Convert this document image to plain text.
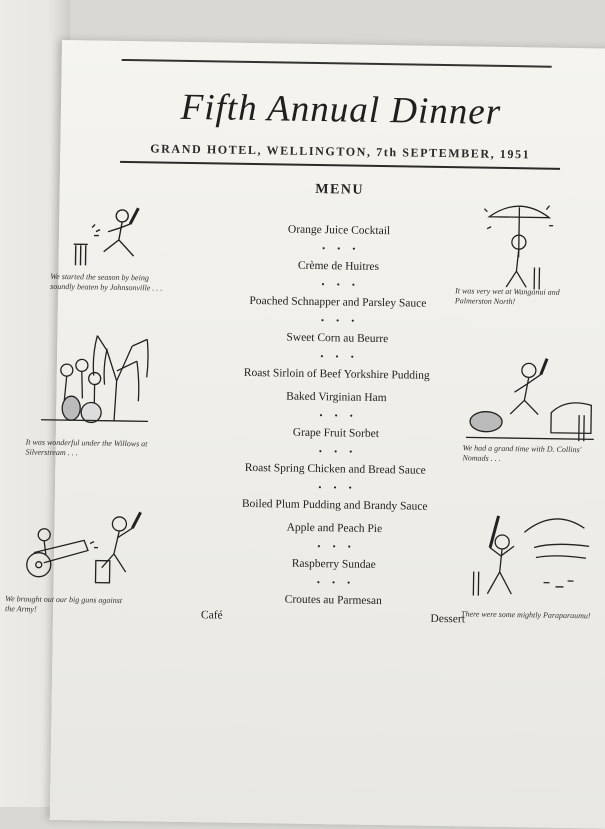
Fifth Annual Dinner
GRAND HOTEL, WELLINGTON, 7th SEPTEMBER, 1951
MENU
Orange Juice Cocktail
•••
Crème de Huitres
•••
Poached Schnapper and Parsley Sauce
•••
Sweet Corn au Beurre
•••
Roast Sirloin of Beef Yorkshire Pudding
Baked Virginian Ham
•••
Grape Fruit Sorbet
•••
Roast Spring Chicken and Bread Sauce
•••
Boiled Plum Pudding and Brandy Sauce
Apple and Peach Pie
•••
Raspberry Sundae
•••
Croutes au Parmesan
Café	Dessert
We started the season by being soundly beaten by Johnsonville . . .
It was wonderful under the Willows at Silverstream . . .
We brought out our big guns against the Army!
It was very wet at Wanganui and Palmerston North!
We had a grand time with D. Collins' Nomads . . .
There were some mightly Paraparaumu!
